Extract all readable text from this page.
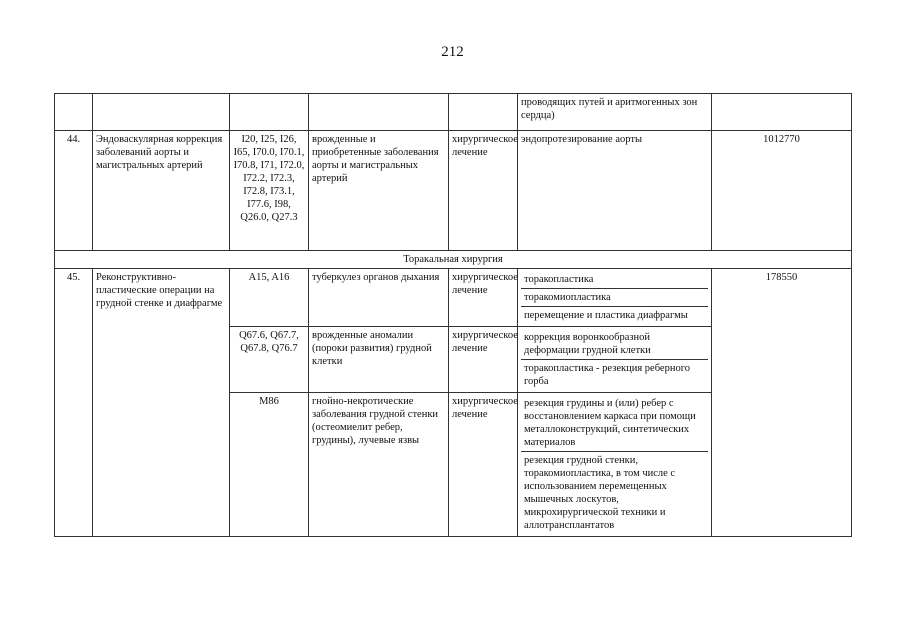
212
					проводящих путей и аритмогенных зон сердца)	
44.	Эндоваскулярная коррекция заболеваний аорты и магистральных артерий	I20, I25, I26, I65, I70.0, I70.1, I70.8, I71, I72.0, I72.2, I72.3, I72.8, I73.1, I77.6, I98, Q26.0, Q27.3	врожденные и приобретенные заболевания аорты и магистральных артерий	хирургическое лечение	эндопротезирование аорты	1012770
Торакальная хирургия						
45.	Реконструктивно-пластические операции на грудной стенке и диафрагме	A15, A16	туберкулез органов дыхания	хирургическое лечение	торакопластика
торакомиопластика
перемещение и пластика диафрагмы	178550
		Q67.6, Q67.7, Q67.8, Q76.7	врожденные аномалии (пороки развития) грудной клетки	хирургическое лечение	коррекция воронкообразной деформации грудной клетки
торакопластика - резекция реберного горба	

		M86	гнойно-некротические заболевания грудной стенки (остеомиелит ребер, грудины), лучевые язвы	хирургическое лечение	резекция грудины и (или) ребер с восстановлением каркаса при помощи металлоконструкций, синтетических материалов
резекция грудной стенки, торакомиопластика, в том числе с использованием перемещенных мышечных лоскутов, микрохирургической техники и аллотрансплантатов	
